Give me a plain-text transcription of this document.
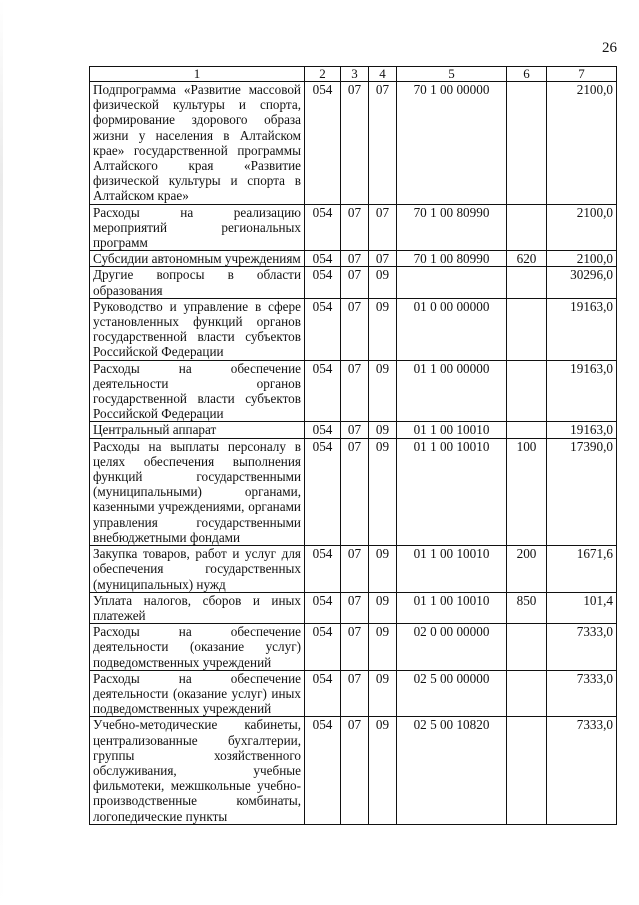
26
1	2	3	4	5	6	7
Подпрограмма «Развитие массовой физической культуры и спорта, формирование здорового образа жизни у населения в Алтайском крае» государственной программы Алтайского края «Развитие физической культуры и спорта в Алтайском крае»	054	07	07	70 1 00 00000		2100,0
Расходы на реализацию мероприятий региональных программ	054	07	07	70 1 00 80990		2100,0
Субсидии автономным учреждениям	054	07	07	70 1 00 80990	620	2100,0
Другие вопросы в области образования	054	07	09			30296,0
Руководство и управление в сфере установленных функций органов государственной власти субъектов Российской Федерации	054	07	09	01 0 00 00000		19163,0
Расходы на обеспечение деятельности органов государственной власти субъектов Российской Федерации	054	07	09	01 1 00 00000		19163,0
Центральный аппарат	054	07	09	01 1 00 10010		19163,0
Расходы на выплаты персоналу в целях обеспечения выполнения функций государственными (муниципальными) органами, казенными учреждениями, органами управления государственными внебюджетными фондами	054	07	09	01 1 00 10010	100	17390,0
Закупка товаров, работ и услуг для обеспечения государственных (муниципальных) нужд	054	07	09	01 1 00 10010	200	1671,6
Уплата налогов, сборов и иных платежей	054	07	09	01 1 00 10010	850	101,4
Расходы на обеспечение деятельности (оказание услуг) подведомственных учреждений	054	07	09	02 0 00 00000		7333,0
Расходы на обеспечение деятельности (оказание услуг) иных подведомственных учреждений	054	07	09	02 5 00 00000		7333,0
Учебно-методические кабинеты, централизованные бухгалтерии, группы хозяйственного обслуживания, учебные фильмотеки, межшкольные учебно-производственные комбинаты, логопедические пункты	054	07	09	02 5 00 10820		7333,0
